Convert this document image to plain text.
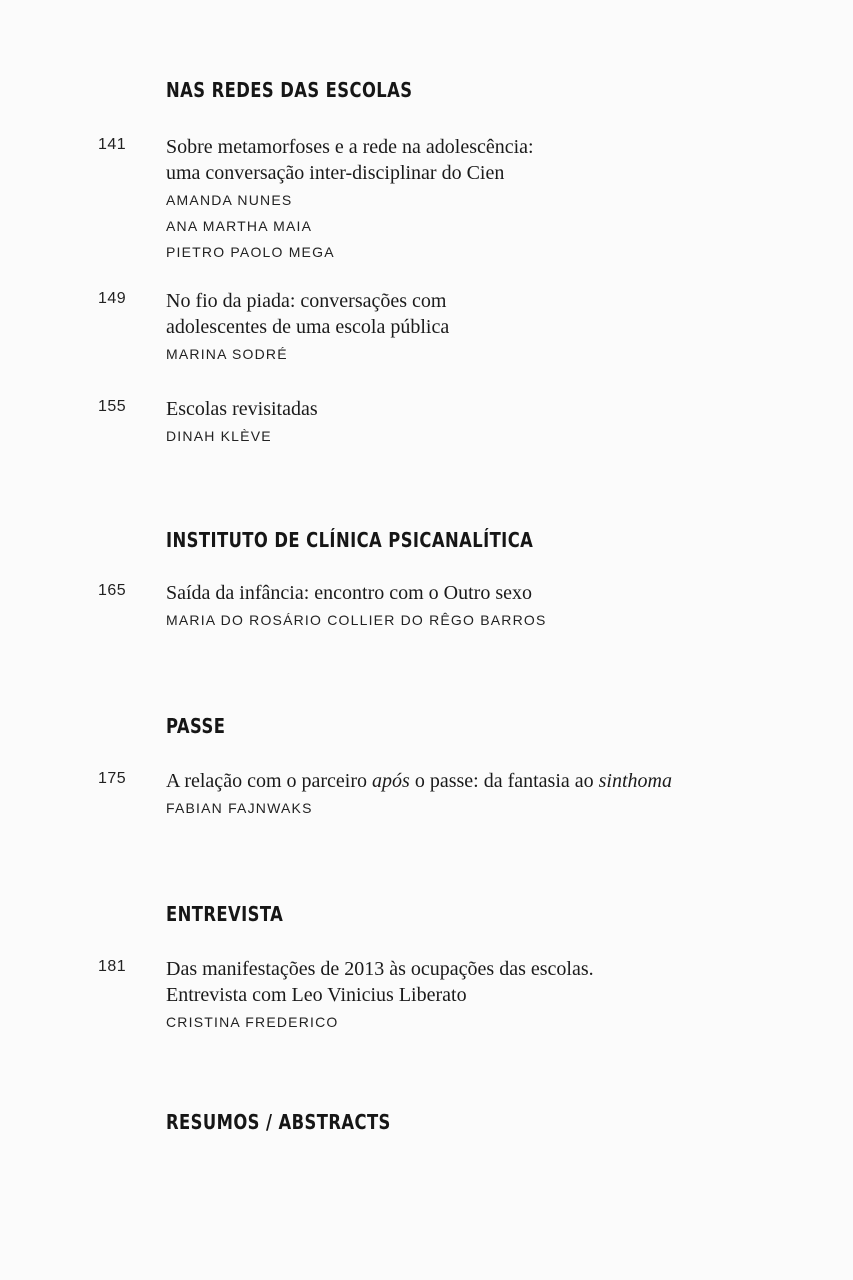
NAS REDES DAS ESCOLAS
141 Sobre metamorfoses e a rede na adolescência:
uma conversação inter-disciplinar do Cien
AMANDA NUNES
ANA MARTHA MAIA
PIETRO PAOLO MEGA
149 No fio da piada: conversações com
adolescentes de uma escola pública
MARINA SODRÉ
155 Escolas revisitadas
DINAH KLÈVE
INSTITUTO DE CLÍNICA PSICANALÍTICA
165 Saída da infância: encontro com o Outro sexo
MARIA DO ROSÁRIO COLLIER DO RÊGO BARROS
PASSE
175 A relação com o parceiro após o passe: da fantasia ao sinthoma
FABIAN FAJNWAKS
ENTREVISTA
181 Das manifestações de 2013 às ocupações das escolas.
Entrevista com Leo Vinicius Liberato
CRISTINA FREDERICO
RESUMOS / ABSTRACTS
